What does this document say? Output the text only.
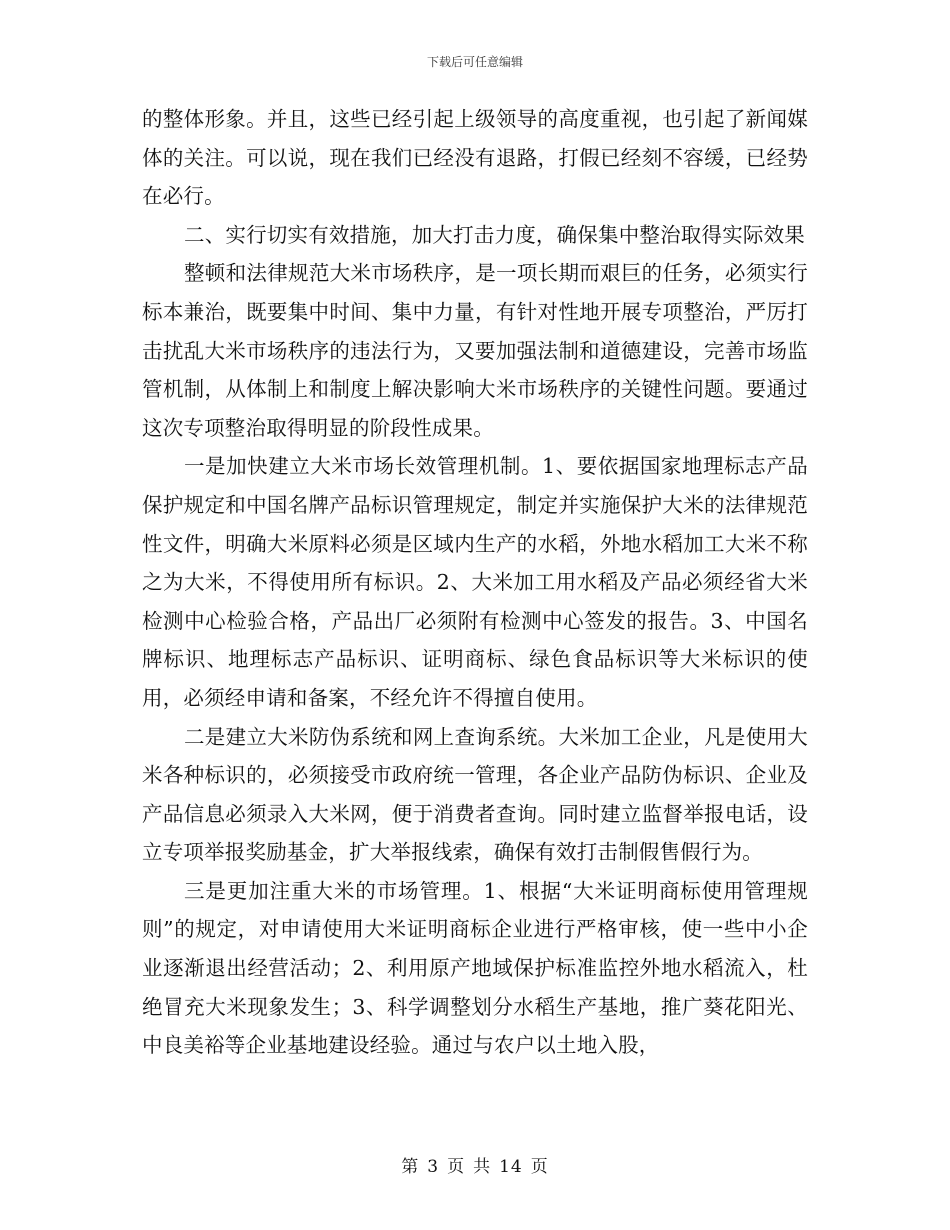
下载后可任意编辑

的整体形象。并且，这些已经引起上级领导的高度重视，也引起了新闻媒体的关注。可以说，现在我们已经没有退路，打假已经刻不容缓，已经势在必行。

二、实行切实有效措施，加大打击力度，确保集中整治取得实际效果

整顿和法律规范大米市场秩序，是一项长期而艰巨的任务，必须实行标本兼治，既要集中时间、集中力量，有针对性地开展专项整治，严厉打击扰乱大米市场秩序的违法行为，又要加强法制和道德建设，完善市场监管机制，从体制上和制度上解决影响大米市场秩序的关键性问题。要通过这次专项整治取得明显的阶段性成果。

一是加快建立大米市场长效管理机制。1、要依据国家地理标志产品保护规定和中国名牌产品标识管理规定，制定并实施保护大米的法律规范性文件，明确大米原料必须是区域内生产的水稻，外地水稻加工大米不称之为大米，不得使用所有标识。2、大米加工用水稻及产品必须经省大米检测中心检验合格，产品出厂必须附有检测中心签发的报告。3、中国名牌标识、地理标志产品标识、证明商标、绿色食品标识等大米标识的使用，必须经申请和备案，不经允许不得擅自使用。

二是建立大米防伪系统和网上查询系统。大米加工企业，凡是使用大米各种标识的，必须接受市政府统一管理，各企业产品防伪标识、企业及产品信息必须录入大米网，便于消费者查询。同时建立监督举报电话，设立专项举报奖励基金，扩大举报线索，确保有效打击制假售假行为。

三是更加注重大米的市场管理。1、根据“大米证明商标使用管理规则”的规定，对申请使用大米证明商标企业进行严格审核，使一些中小企业逐渐退出经营活动；2、利用原产地域保护标准监控外地水稻流入，杜绝冒充大米现象发生；3、科学调整划分水稻生产基地，推广葵花阳光、中良美裕等企业基地建设经验。通过与农户以土地入股，

第 3 页 共 14 页
